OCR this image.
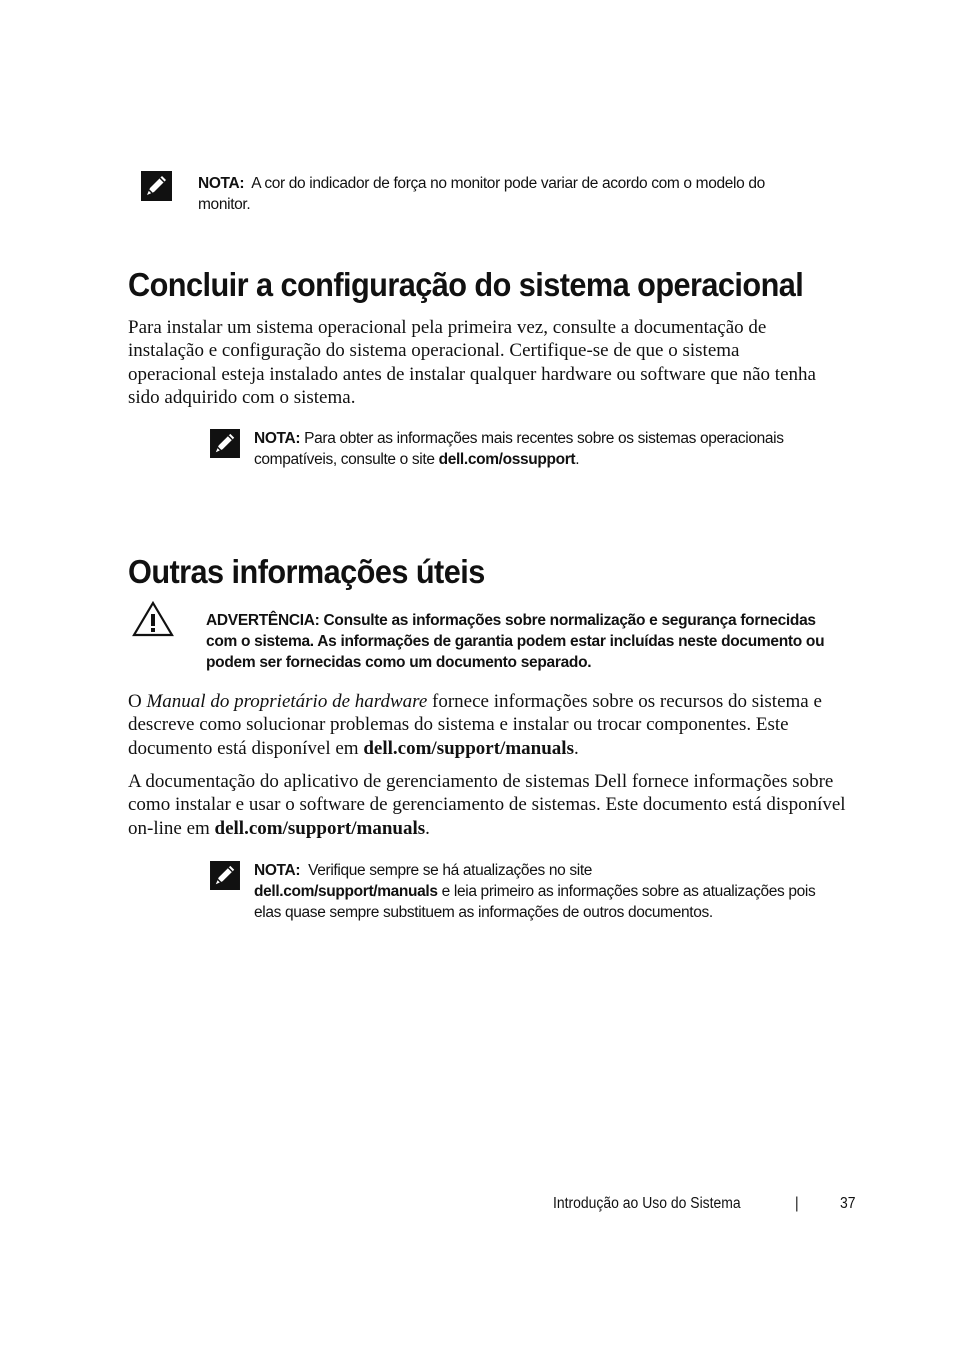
NOTA: A cor do indicador de força no monitor pode variar de acordo com o modelo do monitor.
Concluir a configuração do sistema operacional

Para instalar um sistema operacional pela primeira vez, consulte a documentação de instalação e configuração do sistema operacional. Certifique-se de que o sistema operacional esteja instalado antes de instalar qualquer hardware ou software que não tenha sido adquirido com o sistema.

NOTA: Para obter as informações mais recentes sobre os sistemas operacionais compatíveis, consulte o site dell.com/ossupport.
Outras informações úteis
ADVERTÊNCIA: Consulte as informações sobre normalização e segurança fornecidas com o sistema. As informações de garantia podem estar incluídas neste documento ou podem ser fornecidas como um documento separado.

O Manual do proprietário de hardware fornece informações sobre os recursos do sistema e descreve como solucionar problemas do sistema e instalar ou trocar componentes. Este documento está disponível em dell.com/support/manuals.

A documentação do aplicativo de gerenciamento de sistemas Dell fornece informações sobre como instalar e usar o software de gerenciamento de sistemas. Este documento está disponível on-line em dell.com/support/manuals.

NOTA: Verifique sempre se há atualizações no site
dell.com/support/manuals e leia primeiro as informações sobre as atualizações pois elas quase sempre substituem as informações de outros documentos.
Introdução ao Uso do Sistema	|	37
